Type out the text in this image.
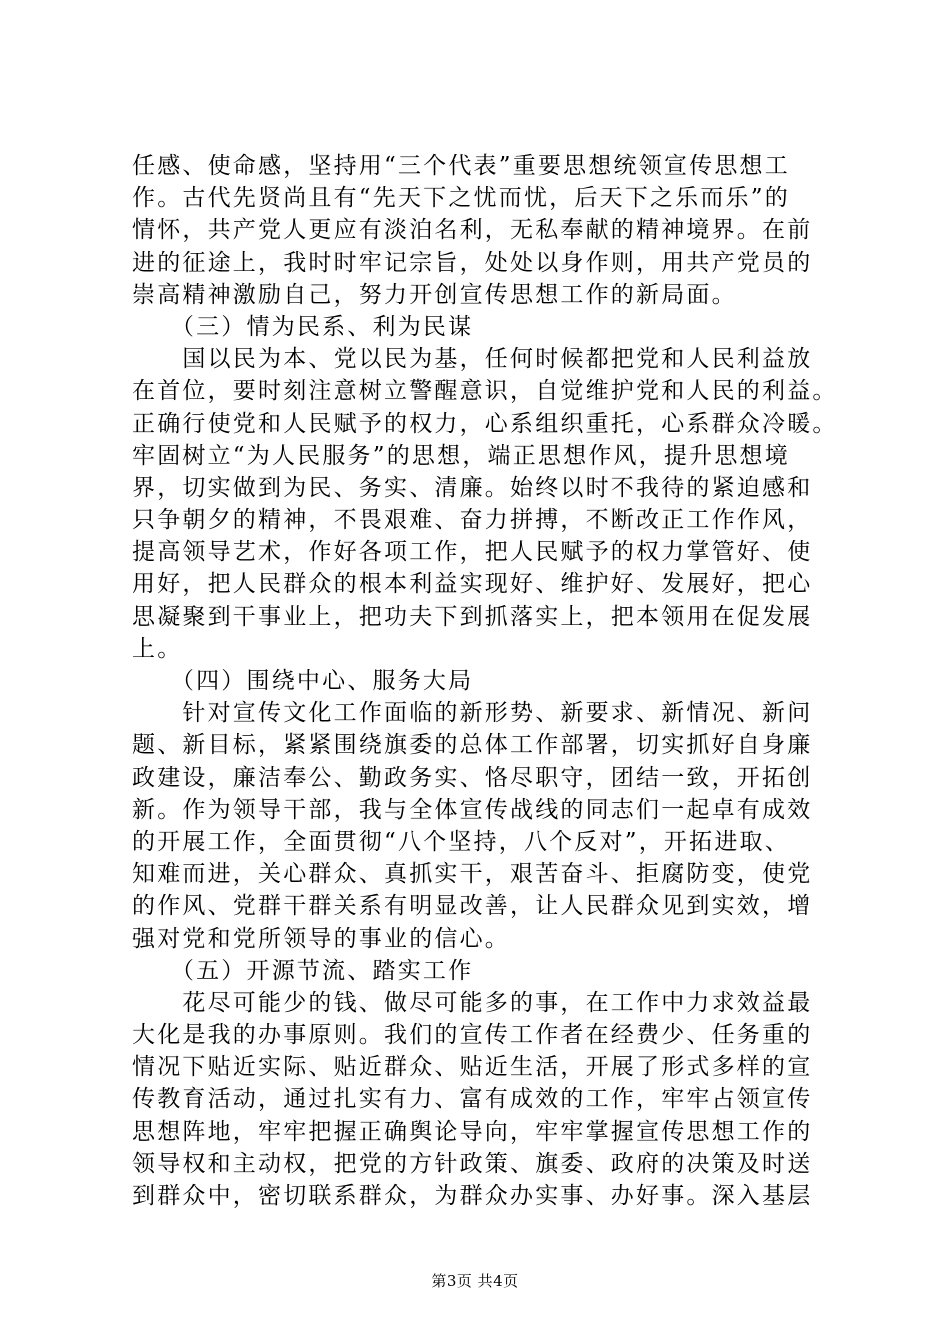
任感、使命感，坚持用“三个代表”重要思想统领宣传思想工
作。古代先贤尚且有“先天下之忧而忧，后天下之乐而乐”的
情怀，共产党人更应有淡泊名利，无私奉献的精神境界。在前
进的征途上，我时时牢记宗旨，处处以身作则，用共产党员的
崇高精神激励自己，努力开创宣传思想工作的新局面。
　　（三）情为民系、利为民谋
　　国以民为本、党以民为基，任何时候都把党和人民利益放
在首位，要时刻注意树立警醒意识，自觉维护党和人民的利益。
正确行使党和人民赋予的权力，心系组织重托，心系群众冷暖。
牢固树立“为人民服务”的思想，端正思想作风，提升思想境
界，切实做到为民、务实、清廉。始终以时不我待的紧迫感和
只争朝夕的精神，不畏艰难、奋力拼搏，不断改正工作作风，
提高领导艺术，作好各项工作，把人民赋予的权力掌管好、使
用好，把人民群众的根本利益实现好、维护好、发展好，把心
思凝聚到干事业上，把功夫下到抓落实上，把本领用在促发展
上。
　　（四）围绕中心、服务大局
　　针对宣传文化工作面临的新形势、新要求、新情况、新问
题、新目标，紧紧围绕旗委的总体工作部署，切实抓好自身廉
政建设，廉洁奉公、勤政务实、恪尽职守，团结一致，开拓创
新。作为领导干部，我与全体宣传战线的同志们一起卓有成效
的开展工作，全面贯彻“八个坚持，八个反对”，开拓进取、
知难而进，关心群众、真抓实干，艰苦奋斗、拒腐防变，使党
的作风、党群干群关系有明显改善，让人民群众见到实效，增
强对党和党所领导的事业的信心。
　　（五）开源节流、踏实工作
　　花尽可能少的钱、做尽可能多的事，在工作中力求效益最
大化是我的办事原则。我们的宣传工作者在经费少、任务重的
情况下贴近实际、贴近群众、贴近生活，开展了形式多样的宣
传教育活动，通过扎实有力、富有成效的工作，牢牢占领宣传
思想阵地，牢牢把握正确舆论导向，牢牢掌握宣传思想工作的
领导权和主动权，把党的方针政策、旗委、政府的决策及时送
到群众中，密切联系群众，为群众办实事、办好事。深入基层
第3页 共4页
